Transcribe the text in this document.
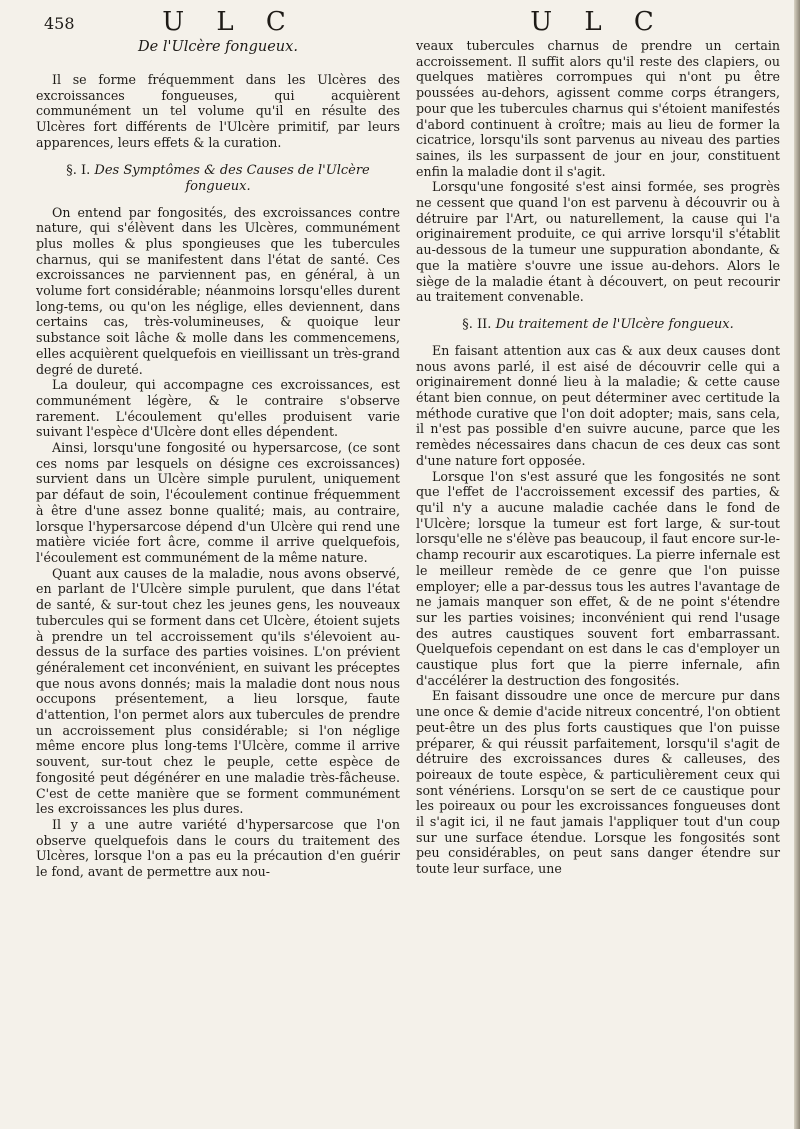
458	U L C
De l'Ulcère fongueux.

Il se forme fréquemment dans les Ulcères des excroissances fongueuses, qui acquièrent communément un tel volume qu'il en résulte des Ulcères fort différents de l'Ulcère primitif, par leurs apparences, leurs effets & la curation.

§. I. Des Symptômes & des Causes de l'Ulcère fongueux.

On entend par fongosités, des excroissances contre nature, qui s'élèvent dans les Ulcères, communément plus molles & plus spongieuses que les tubercules charnus, qui se manifestent dans l'état de santé. Ces excroissances ne parviennent pas, en général, à un volume fort considérable; néanmoins lorsqu'elles durent long-tems, ou qu'on les néglige, elles deviennent, dans certains cas, très-volumineuses, & quoique leur substance soit lâche & molle dans les commencemens, elles acquièrent quelquefois en vieillissant un très-grand degré de dureté.

La douleur, qui accompagne ces excroissances, est communément légère, & le contraire s'observe rarement. L'écoulement qu'elles produisent varie suivant l'espèce d'Ulcère dont elles dépendent.

Ainsi, lorsqu'une fongosité ou hypersarcose, (ce sont ces noms par lesquels on désigne ces excroissances) survient dans un Ulcère simple purulent, uniquement par défaut de soin, l'écoulement continue fréquemment à être d'une assez bonne qualité; mais, au contraire, lorsque l'hypersarcose dépend d'un Ulcère qui rend une matière viciée fort âcre, comme il arrive quelquefois, l'écoulement est communément de la même nature.

Quant aux causes de la maladie, nous avons observé, en parlant de l'Ulcère simple purulent, que dans l'état de santé, & sur-tout chez les jeunes gens, les nouveaux tubercules qui se forment dans cet Ulcère, étoient sujets à prendre un tel accroissement qu'ils s'élevoient au-dessus de la surface des parties voisines. L'on prévient généralement cet inconvénient, en suivant les préceptes que nous avons donnés; mais la maladie dont nous nous occupons présentement, a lieu lorsque, faute d'attention, l'on permet alors aux tubercules de prendre un accroissement plus considérable; si l'on néglige même encore plus long-tems l'Ulcère, comme il arrive souvent, sur-tout chez le peuple, cette espèce de fongosité peut dégénérer en une maladie très-fâcheuse. C'est de cette manière que se forment communément les excroissances les plus dures.

Il y a une autre variété d'hypersarcose que l'on observe quelquefois dans le cours du traitement des Ulcères, lorsque l'on a pas eu la précaution d'en guérir le fond, avant de permettre aux nou-

U L C

veaux tubercules charnus de prendre un certain accroissement. Il suffit alors qu'il reste des clapiers, ou quelques matières corrompues qui n'ont pu être poussées au-dehors, agissent comme corps étrangers, pour que les tubercules charnus qui s'étoient manifestés d'abord continuent à croître; mais au lieu de former la cicatrice, lorsqu'ils sont parvenus au niveau des parties saines, ils les surpassent de jour en jour, constituent enfin la maladie dont il s'agit.

Lorsqu'une fongosité s'est ainsi formée, ses progrès ne cessent que quand l'on est parvenu à découvrir ou à détruire par l'Art, ou naturellement, la cause qui l'a originairement produite, ce qui arrive lorsqu'il s'établit au-dessous de la tumeur une suppuration abondante, & que la matière s'ouvre une issue au-dehors. Alors le siège de la maladie étant à découvert, on peut recourir au traitement convenable.

§. II. Du traitement de l'Ulcère fongueux.

En faisant attention aux cas & aux deux causes dont nous avons parlé, il est aisé de découvrir celle qui a originairement donné lieu à la maladie; & cette cause étant bien connue, on peut déterminer avec certitude la méthode curative que l'on doit adopter; mais, sans cela, il n'est pas possible d'en suivre aucune, parce que les remèdes nécessaires dans chacun de ces deux cas sont d'une nature fort opposée.

Lorsque l'on s'est assuré que les fongosités ne sont que l'effet de l'accroissement excessif des parties, & qu'il n'y a aucune maladie cachée dans le fond de l'Ulcère; lorsque la tumeur est fort large, & sur-tout lorsqu'elle ne s'élève pas beaucoup, il faut encore sur-le-champ recourir aux escarotiques. La pierre infernale est le meilleur remède de ce genre que l'on puisse employer; elle a par-dessus tous les autres l'avantage de ne jamais manquer son effet, & de ne point s'étendre sur les parties voisines; inconvénient qui rend l'usage des autres caustiques souvent fort embarrassant. Quelquefois cependant on est dans le cas d'employer un caustique plus fort que la pierre infernale, afin d'accélérer la destruction des fongosités.

En faisant dissoudre une once de mercure pur dans une once & demie d'acide nitreux concentré, l'on obtient peut-être un des plus forts caustiques que l'on puisse préparer, & qui réussit parfaitement, lorsqu'il s'agit de détruire des excroissances dures & calleuses, des poireaux de toute espèce, & particulièrement ceux qui sont vénériens. Lorsqu'on se sert de ce caustique pour les poireaux ou pour les excroissances fongueuses dont il s'agit ici, il ne faut jamais l'appliquer tout d'un coup sur une surface étendue. Lorsque les fongosités sont peu considérables, on peut sans danger étendre sur toute leur surface, une
